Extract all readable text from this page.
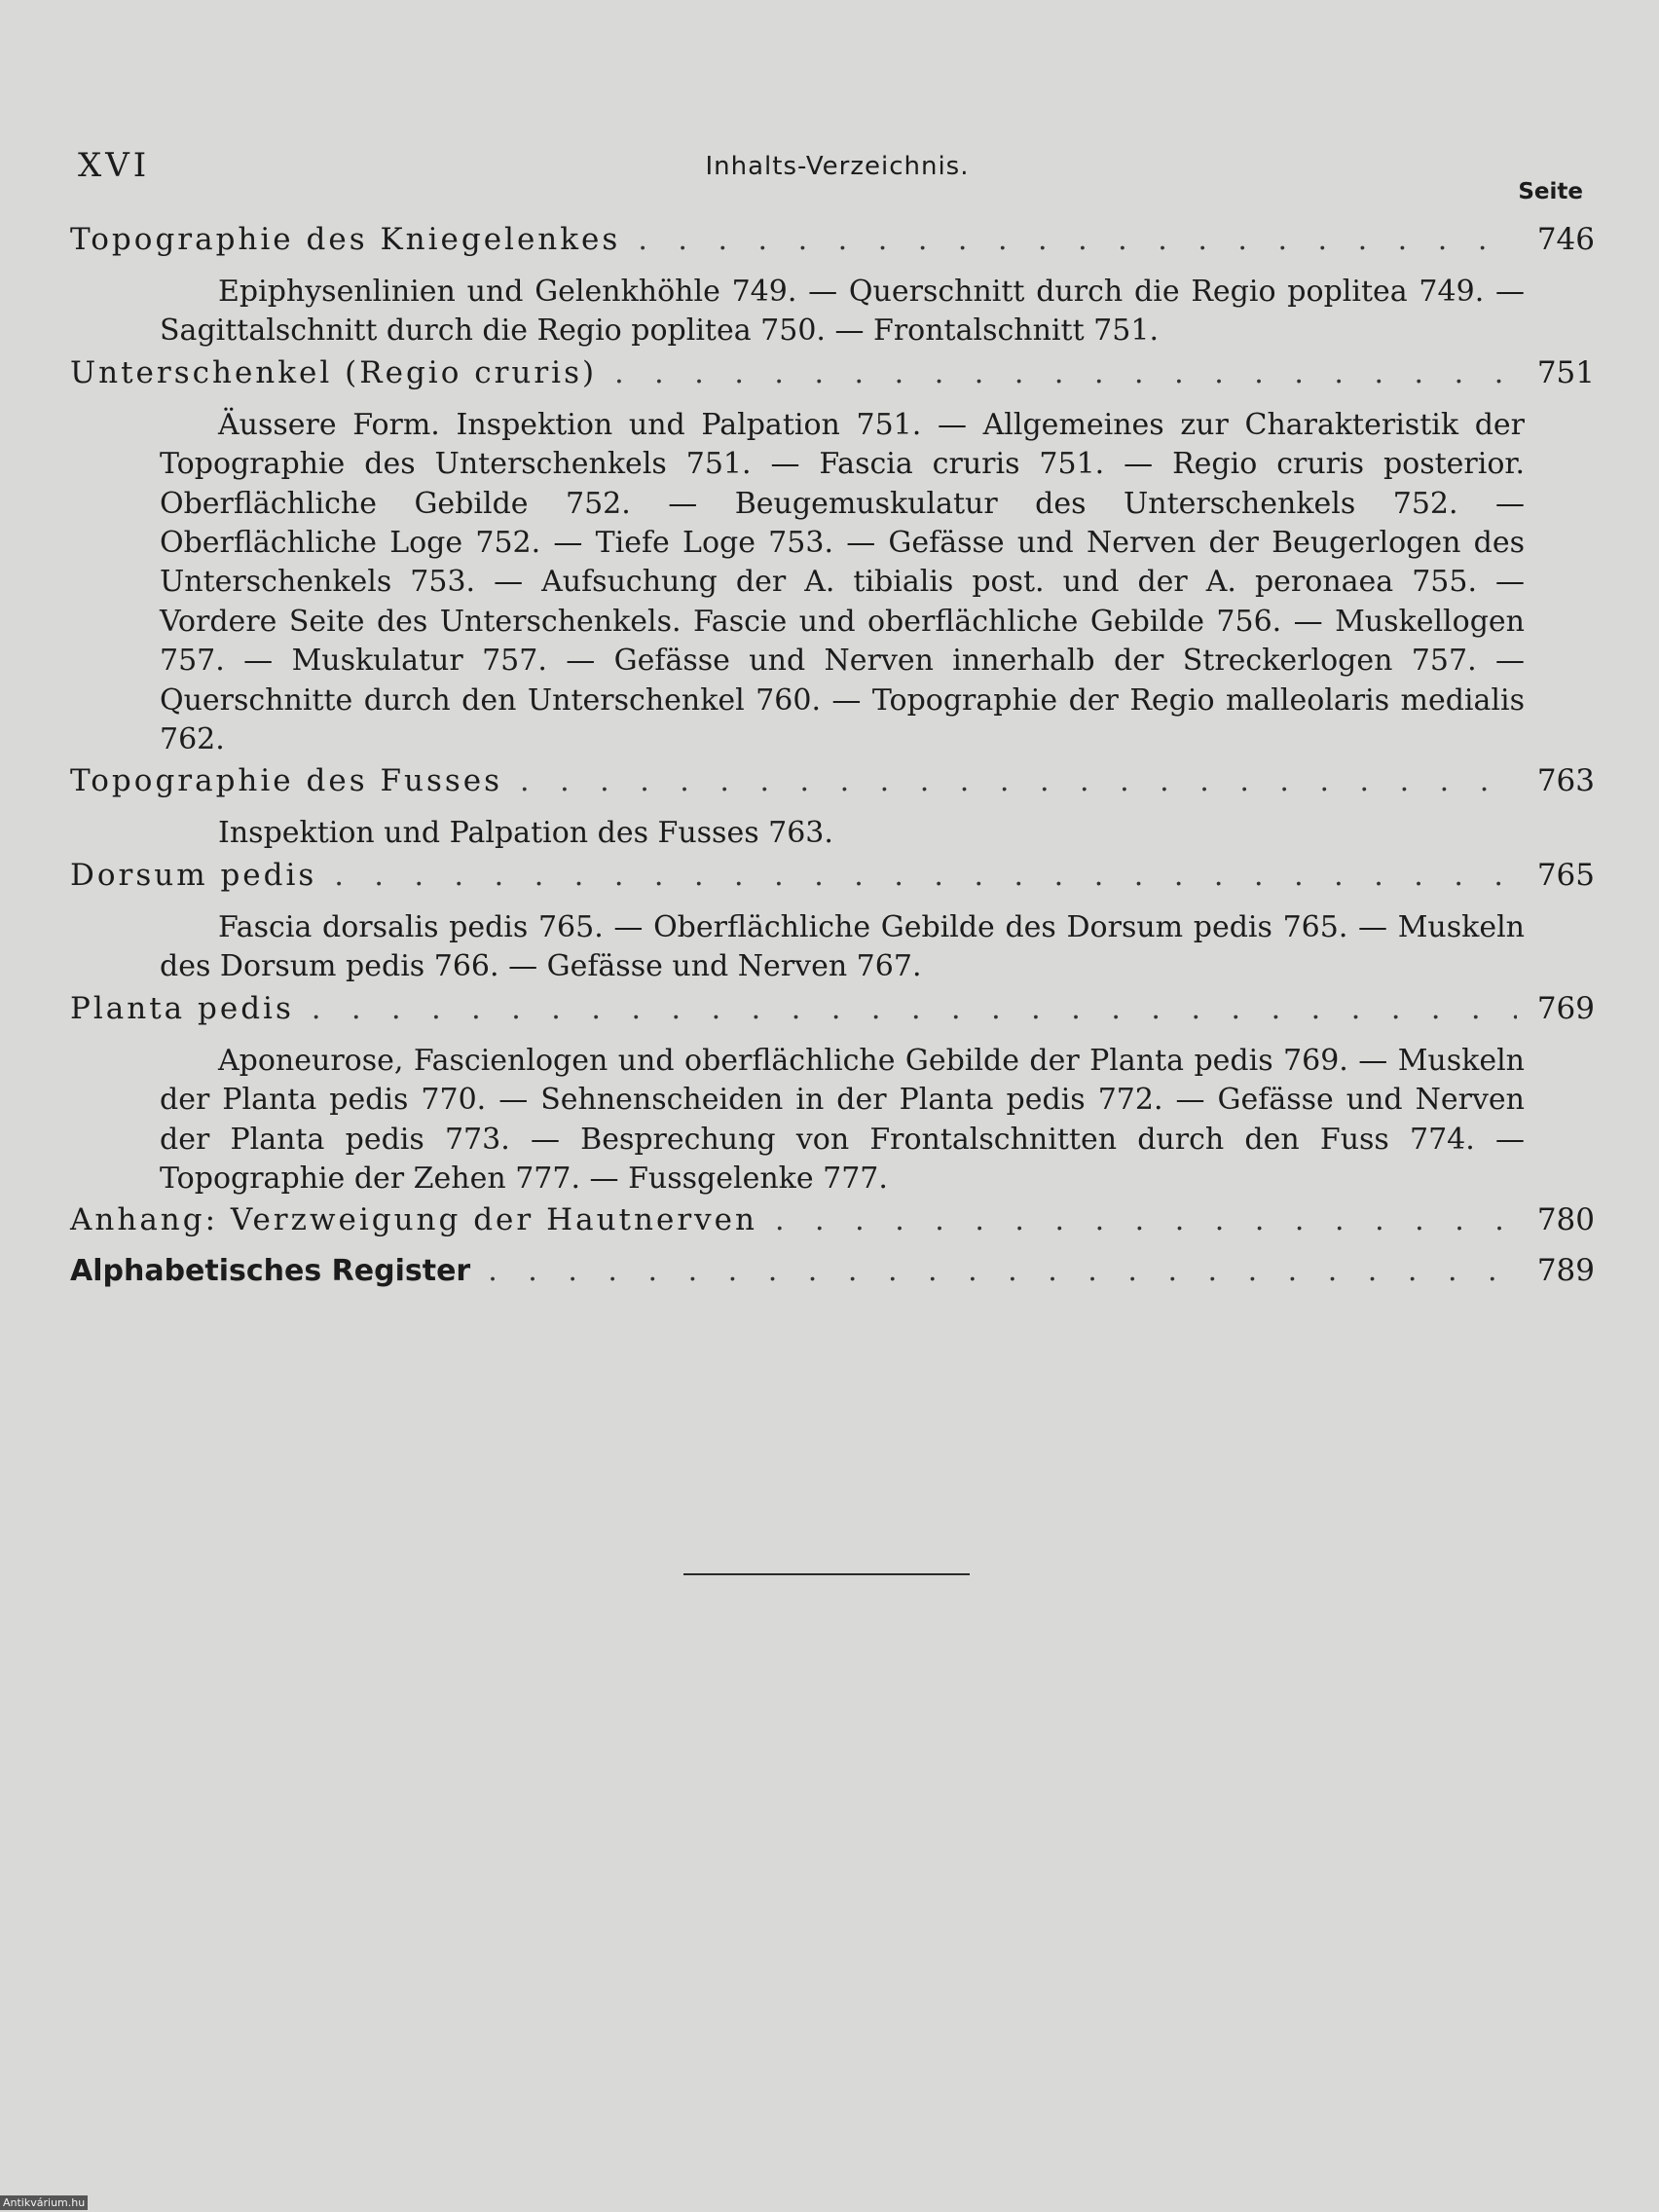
XVI	Inhalts-Verzeichnis.
Seite
Topographie des Kniegelenkes . . .	746
Epiphysenlinien und Gelenkhöhle 749. — Querschnitt durch die Regio poplitea 749. — Sagittalschnitt durch die Regio poplitea 750. — Frontalschnitt 751.
Unterschenkel (Regio cruris) . . .	751
Äussere Form. Inspektion und Palpation 751. — Allgemeines zur Charakteristik der Topographie des Unterschenkels 751. — Fascia cruris 751. — Regio cruris posterior. Oberflächliche Gebilde 752. — Beugemuskulatur des Unterschenkels 752. — Oberflächliche Loge 752. — Tiefe Loge 753. — Gefässe und Nerven der Beugerlogen des Unterschenkels 753. — Aufsuchung der A. tibialis post. und der A. peronaea 755. — Vordere Seite des Unterschenkels. Fascie und oberflächliche Gebilde 756. — Muskellogen 757. — Muskulatur 757. — Gefässe und Nerven innerhalb der Streckerlogen 757. — Querschnitte durch den Unterschenkel 760. — Topographie der Regio malleolaris medialis 762.
Topographie des Fusses . . .	763
Inspektion und Palpation des Fusses 763.
Dorsum pedis . . .	765
Fascia dorsalis pedis 765. — Oberflächliche Gebilde des Dorsum pedis 765. — Muskeln des Dorsum pedis 766. — Gefässe und Nerven 767.
Planta pedis . . .	769
Aponeurose, Fascienlogen und oberflächliche Gebilde der Planta pedis 769. — Muskeln der Planta pedis 770. — Sehnenscheiden in der Planta pedis 772. — Gefässe und Nerven der Planta pedis 773. — Besprechung von Frontalschnitten durch den Fuss 774. — Topographie der Zehen 777. — Fussgelenke 777.
Anhang: Verzweigung der Hautnerven . . .	780
Alphabetisches Register . . .	789
Antikvárium.hu
